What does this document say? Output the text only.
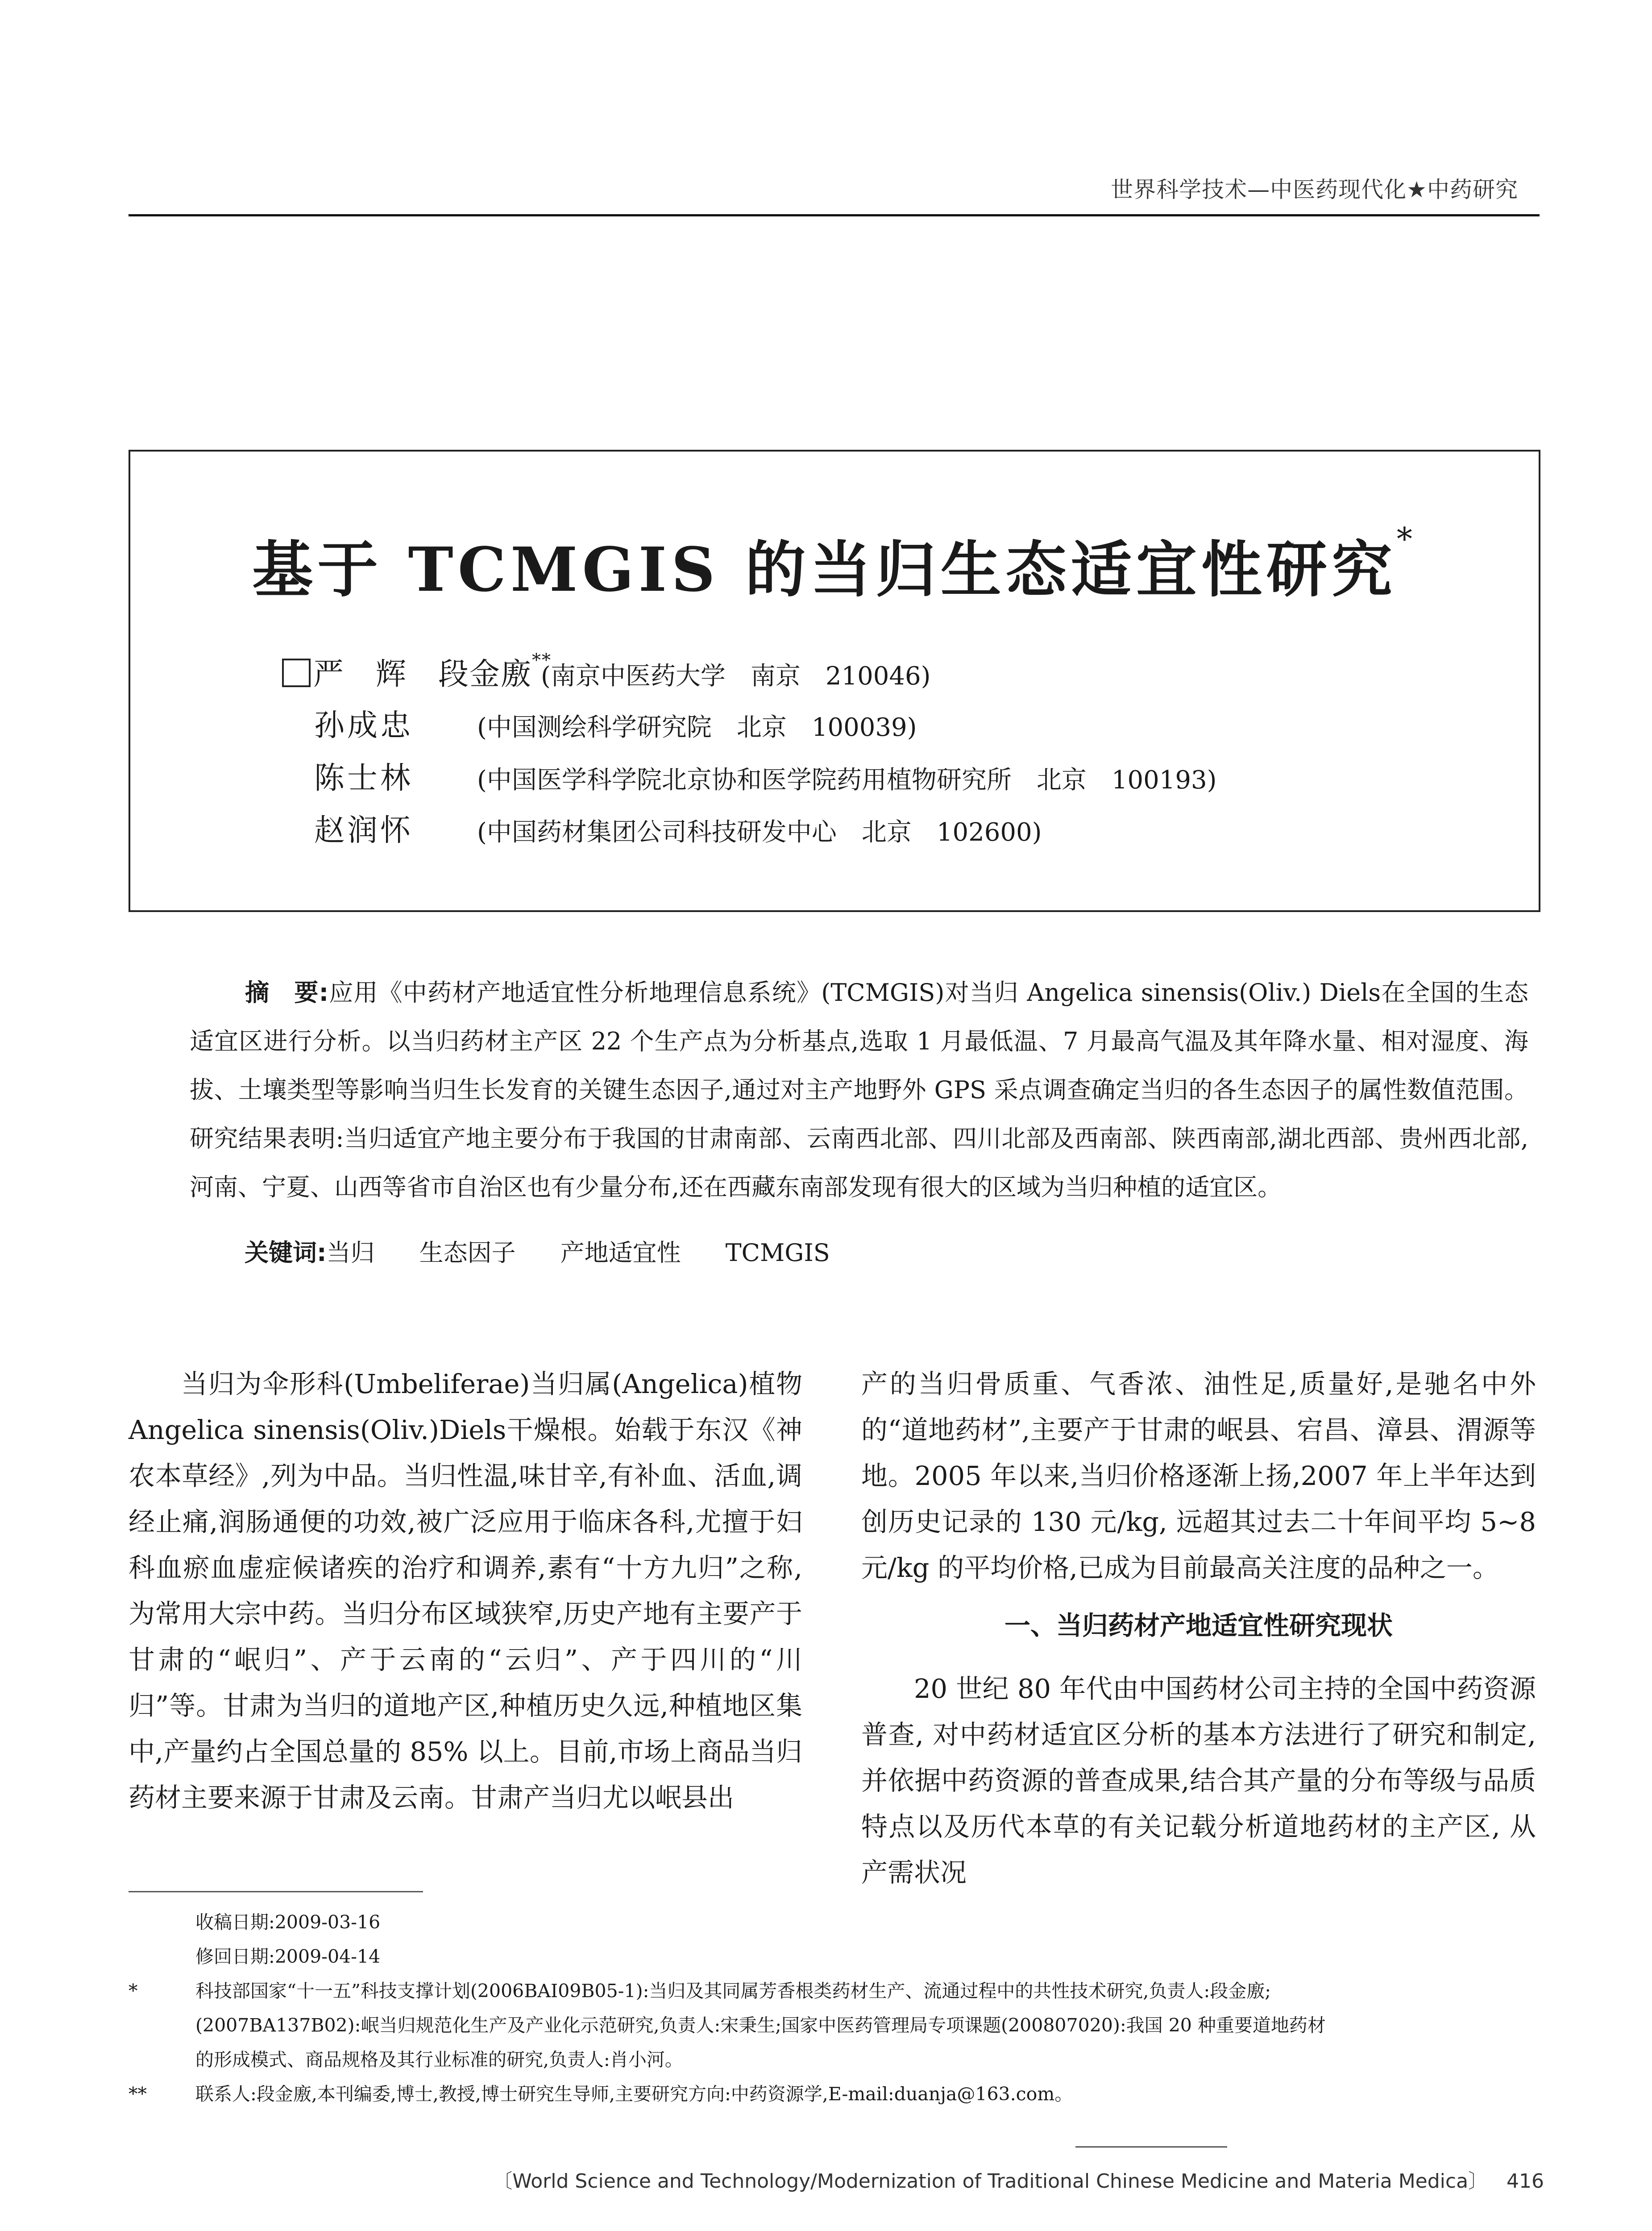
世界科学技术—中医药现代化★中药研究
基于 TCMGIS 的当归生态适宜性研究*
严　辉　段金廒**(南京中医药大学　南京　210046)
孙成忠	(中国测绘科学研究院　北京　100039)
陈士林	(中国医学科学院北京协和医学院药用植物研究所　北京　100193)
赵润怀	(中国药材集团公司科技研发中心　北京　102600)
摘　要:应用《中药材产地适宜性分析地理信息系统》(TCMGIS)对当归 Angelica sinensis(Oliv.) Diels在全国的生态适宜区进行分析。以当归药材主产区 22 个生产点为分析基点,选取 1 月最低温、7 月最高气温及其年降水量、相对湿度、海拔、土壤类型等影响当归生长发育的关键生态因子,通过对主产地野外 GPS 采点调查确定当归的各生态因子的属性数值范围。研究结果表明:当归适宜产地主要分布于我国的甘肃南部、云南西北部、四川北部及西南部、陕西南部,湖北西部、贵州西北部,河南、宁夏、山西等省市自治区也有少量分布,还在西藏东南部发现有很大的区域为当归种植的适宜区。
关键词:当归 生态因子 产地适宜性 TCMGIS

当归为伞形科(Umbeliferae)当归属(Angelica)植物 Angelica sinensis(Oliv.)Diels干燥根。始载于东汉《神农本草经》,列为中品。当归性温,味甘辛,有补血、活血,调经止痛,润肠通便的功效,被广泛应用于临床各科,尤擅于妇科血瘀血虚症候诸疾的治疗和调养,素有“十方九归”之称,为常用大宗中药。当归分布区域狭窄,历史产地有主要产于甘肃的“岷归”、产于云南的“云归”、产于四川的“川归”等。甘肃为当归的道地产区,种植历史久远,种植地区集中,产量约占全国总量的 85% 以上。目前,市场上商品当归药材主要来源于甘肃及云南。甘肃产当归尤以岷县出

产的当归骨质重、气香浓、油性足,质量好,是驰名中外的“道地药材”,主要产于甘肃的岷县、宕昌、漳县、渭源等地。2005 年以来,当归价格逐渐上扬,2007 年上半年达到创历史记录的 130 元/kg, 远超其过去二十年间平均 5~8 元/kg 的平均价格,已成为目前最高关注度的品种之一。

一、当归药材产地适宜性研究现状

20 世纪 80 年代由中国药材公司主持的全国中药资源普查, 对中药材适宜区分析的基本方法进行了研究和制定,并依据中药资源的普查成果,结合其产量的分布等级与品质特点以及历代本草的有关记载分析道地药材的主产区, 从产需状况

收稿日期:2009-03-16
修回日期:2009-04-14
*	科技部国家“十一五”科技支撑计划(2006BAI09B05-1):当归及其同属芳香根类药材生产、流通过程中的共性技术研究,负责人:段金廒;
(2007BA137B02):岷当归规范化生产及产业化示范研究,负责人:宋秉生;国家中医药管理局专项课题(200807020):我国 20 种重要道地药材
的形成模式、商品规格及其行业标准的研究,负责人:肖小河。
**	联系人:段金廒,本刊编委,博士,教授,博士研究生导师,主要研究方向:中药资源学,E-mail:duanja@163.com。
〔World Science and Technology/Modernization of Traditional Chinese Medicine and Materia Medica〕 416
